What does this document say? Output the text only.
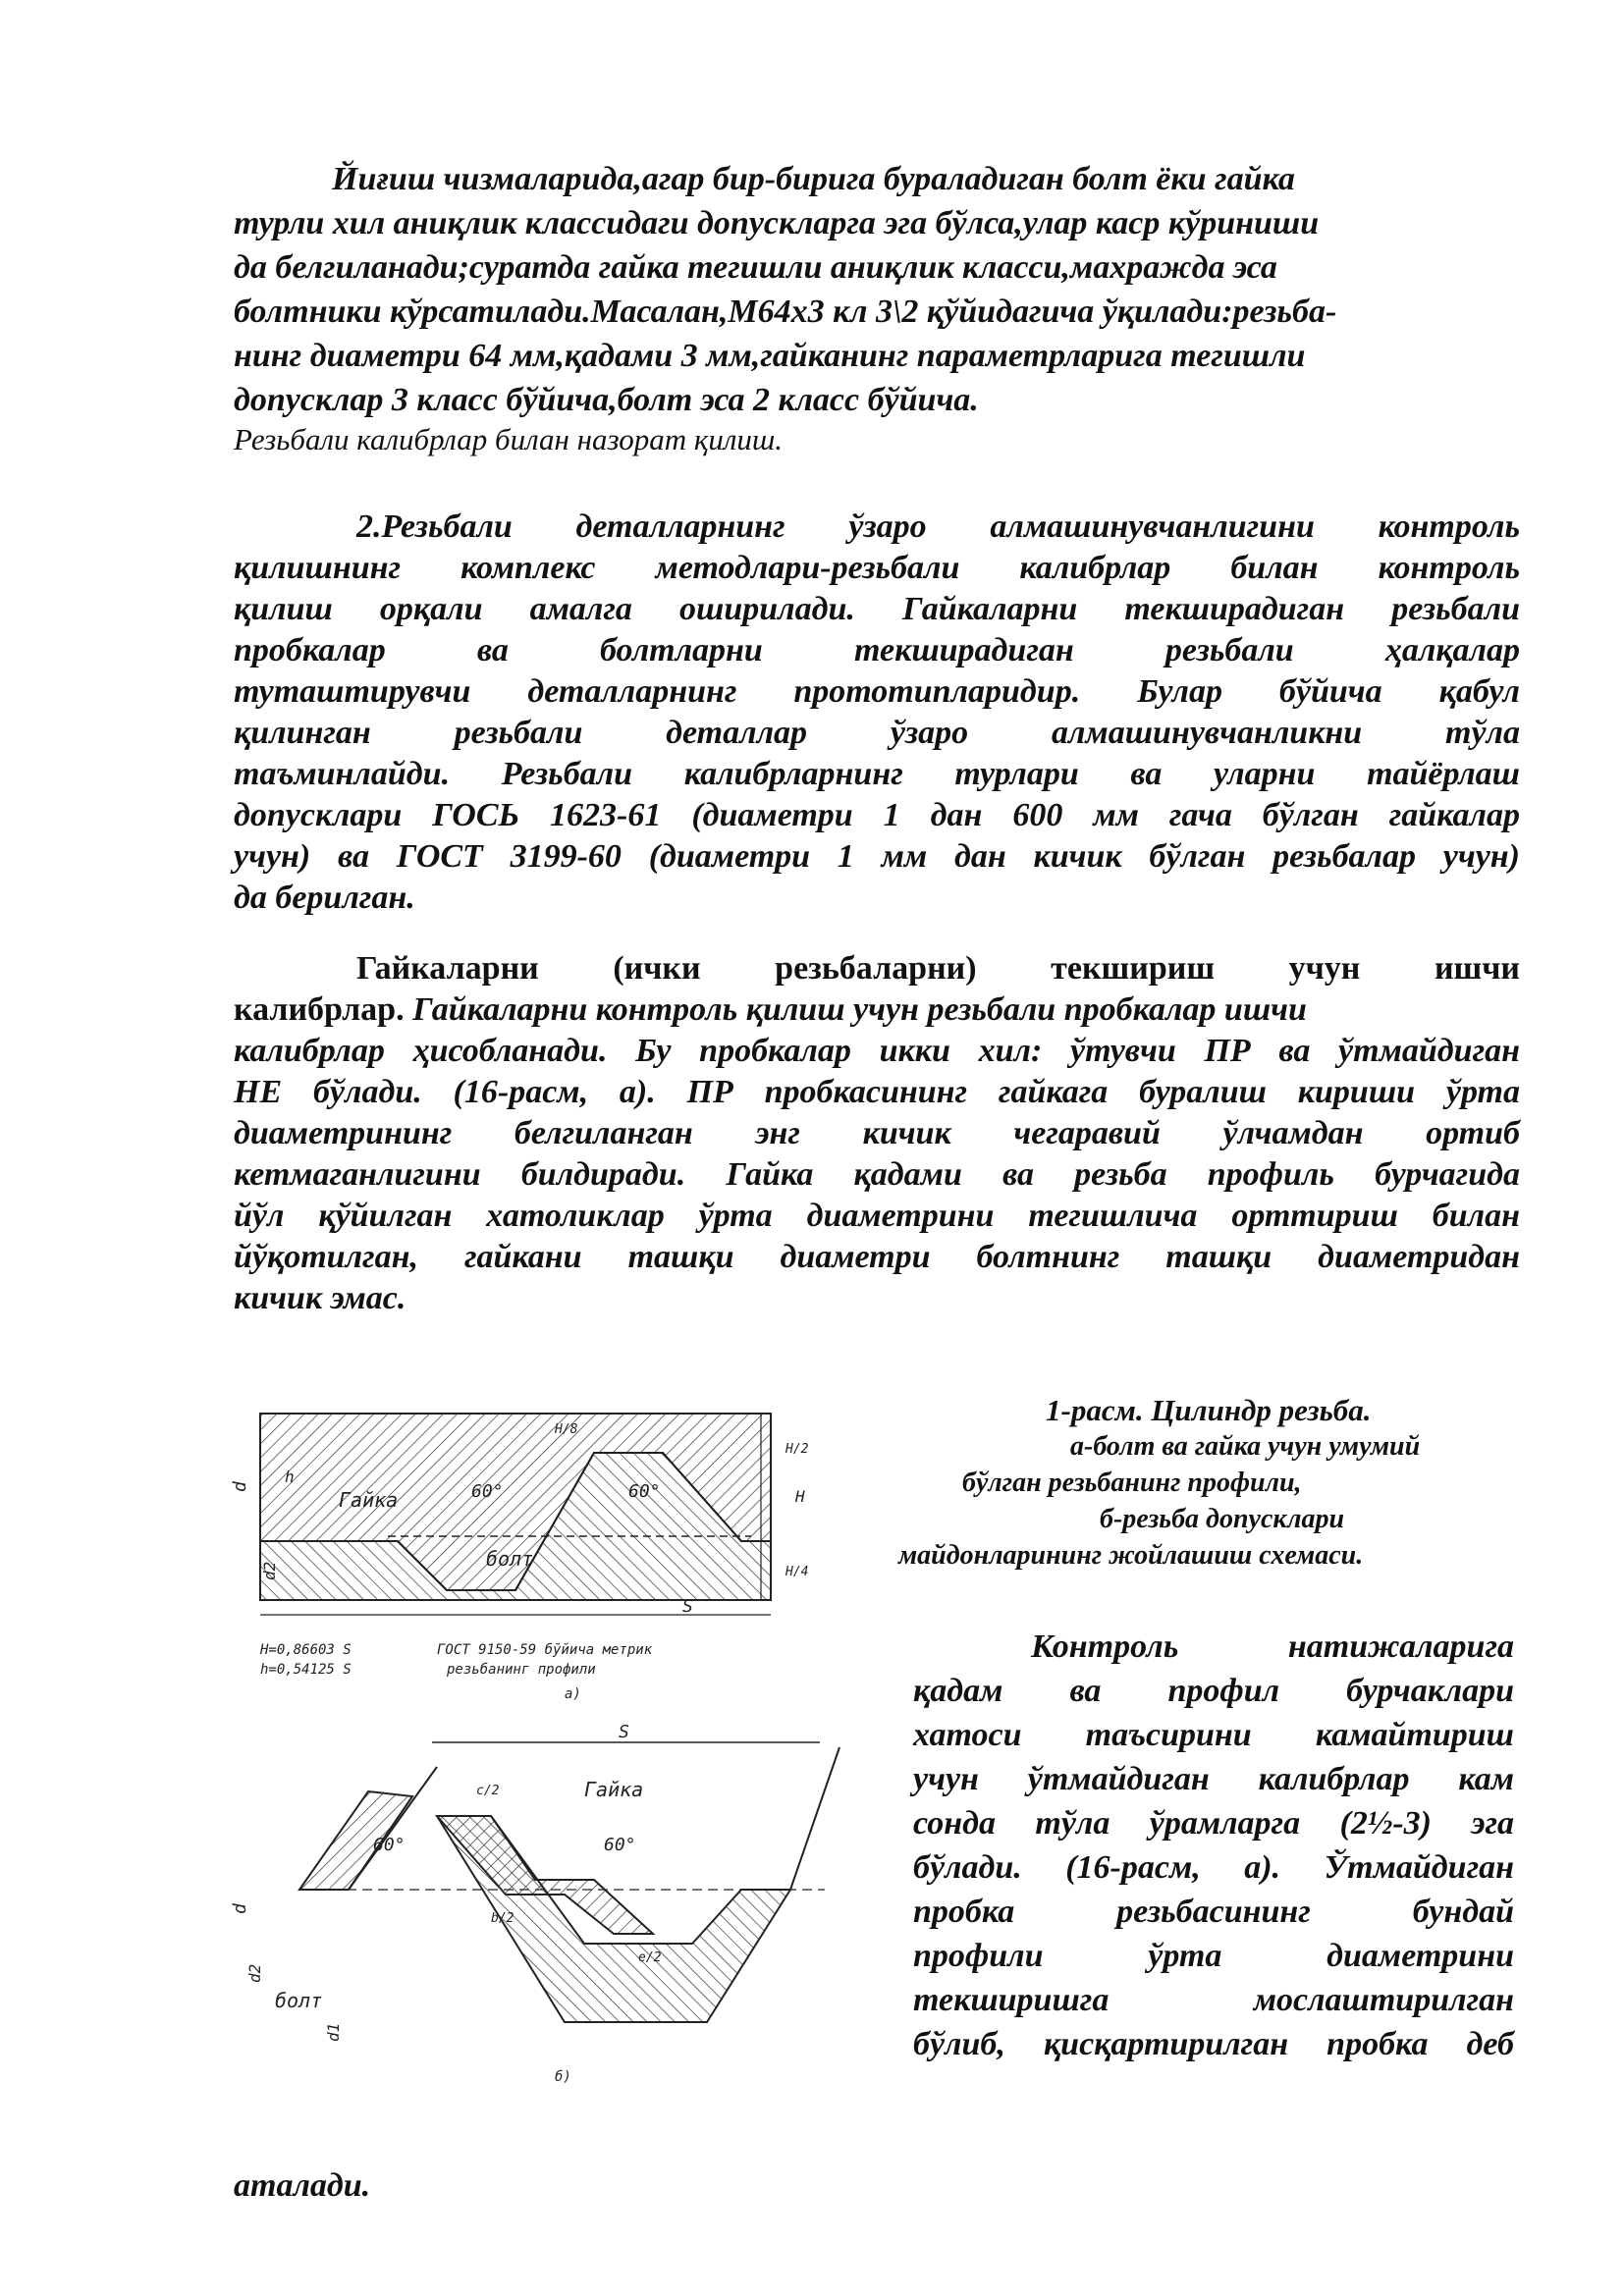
Йиғиш чизмаларида,агар бир-бирига бураладиган болт ёки гайка
турли хил аниқлик классидаги допускларга эга бўлса,улар каср кўриниши
да белгиланади;суратда гайка тегишли аниқлик класси,махражда эса
болтники кўрсатилади.Масалан,М64х3 кл 3\2 қўйидагича ўқилади:резьба-
нинг диаметри 64 мм,қадами 3 мм,гайканинг параметрларига тегишли
допусклар 3 класс бўйича,болт эса 2 класс бўйича.
Резьбали калибрлар билан назорат қилиш.
2.Резьбали деталларнинг ўзаро алмашинувчанлигини контроль
қилишнинг комплекс методлари-резьбали калибрлар билан контроль
қилиш орқали амалга оширилади. Гайкаларни текширадиган резьбали
пробкалар ва болтларни текширадиган резьбали ҳалқалар
туташтирувчи деталларнинг прототипларидир. Булар бўйича қабул
қилинган резьбали деталлар ўзаро алмашинувчанликни тўла
таъминлайди. Резьбали калибрларнинг турлари ва уларни тайёрлаш
допусклари ГОСЬ 1623-61 (диаметри 1 дан 600 мм гача бўлган гайкалар
учун) ва ГОСТ 3199-60 (диаметри 1 мм дан кичик бўлган резьбалар учун)
да берилган.
Гайкаларни (ички резьбаларни) текшириш учун ишчи
калибрлар. Гайкаларни контроль қилиш учун резьбали пробкалар ишчи
калибрлар ҳисобланади. Бу пробкалар икки хил: ўтувчи ПР ва ўтмайдиган
НЕ бўлади. (16-расм, а). ПР пробкасининг гайкага буралиш кириши ўрта
диаметрининг белгиланган энг кичик чегаравий ўлчамдан ортиб
кетмаганлигини билдиради. Гайка қадами ва резьба профиль бурчагида
йўл қўйилган хатоликлар ўрта диаметрини тегишлича орттириш билан
йўқотилган, гайкани ташқи диаметри болтнинг ташқи диаметридан
кичик эмас.
S
Гайка
болт
60°	60°
d
h
d2
H
H/8
H/2
H/4
H=0,86603 S
h=0,54125 S
ГОСТ 9150-59 бўйича метрик
резьбанинг профили
а)
S
Гайка
болт
60°	60°
d
d2
d1
b/2
e/2
c/2
б)
1-расм. Цилиндр резьба.
а-болт ва гайка учун умумий
бўлган резьбанинг профили,
б-резьба допусклари
майдонларининг жойлашиш схемаси.
Контроль натижаларига
қадам ва профил бурчаклари
хатоси таъсирини камайтириш
учун ўтмайдиган калибрлар кам
сонда тўла ўрамларга (2½-3) эга
бўлади. (16-расм, а). Ўтмайдиган
пробка резьбасининг бундай
профили ўрта диаметрини
текширишга мослаштирилган
бўлиб, қисқартирилган пробка деб
аталади.
